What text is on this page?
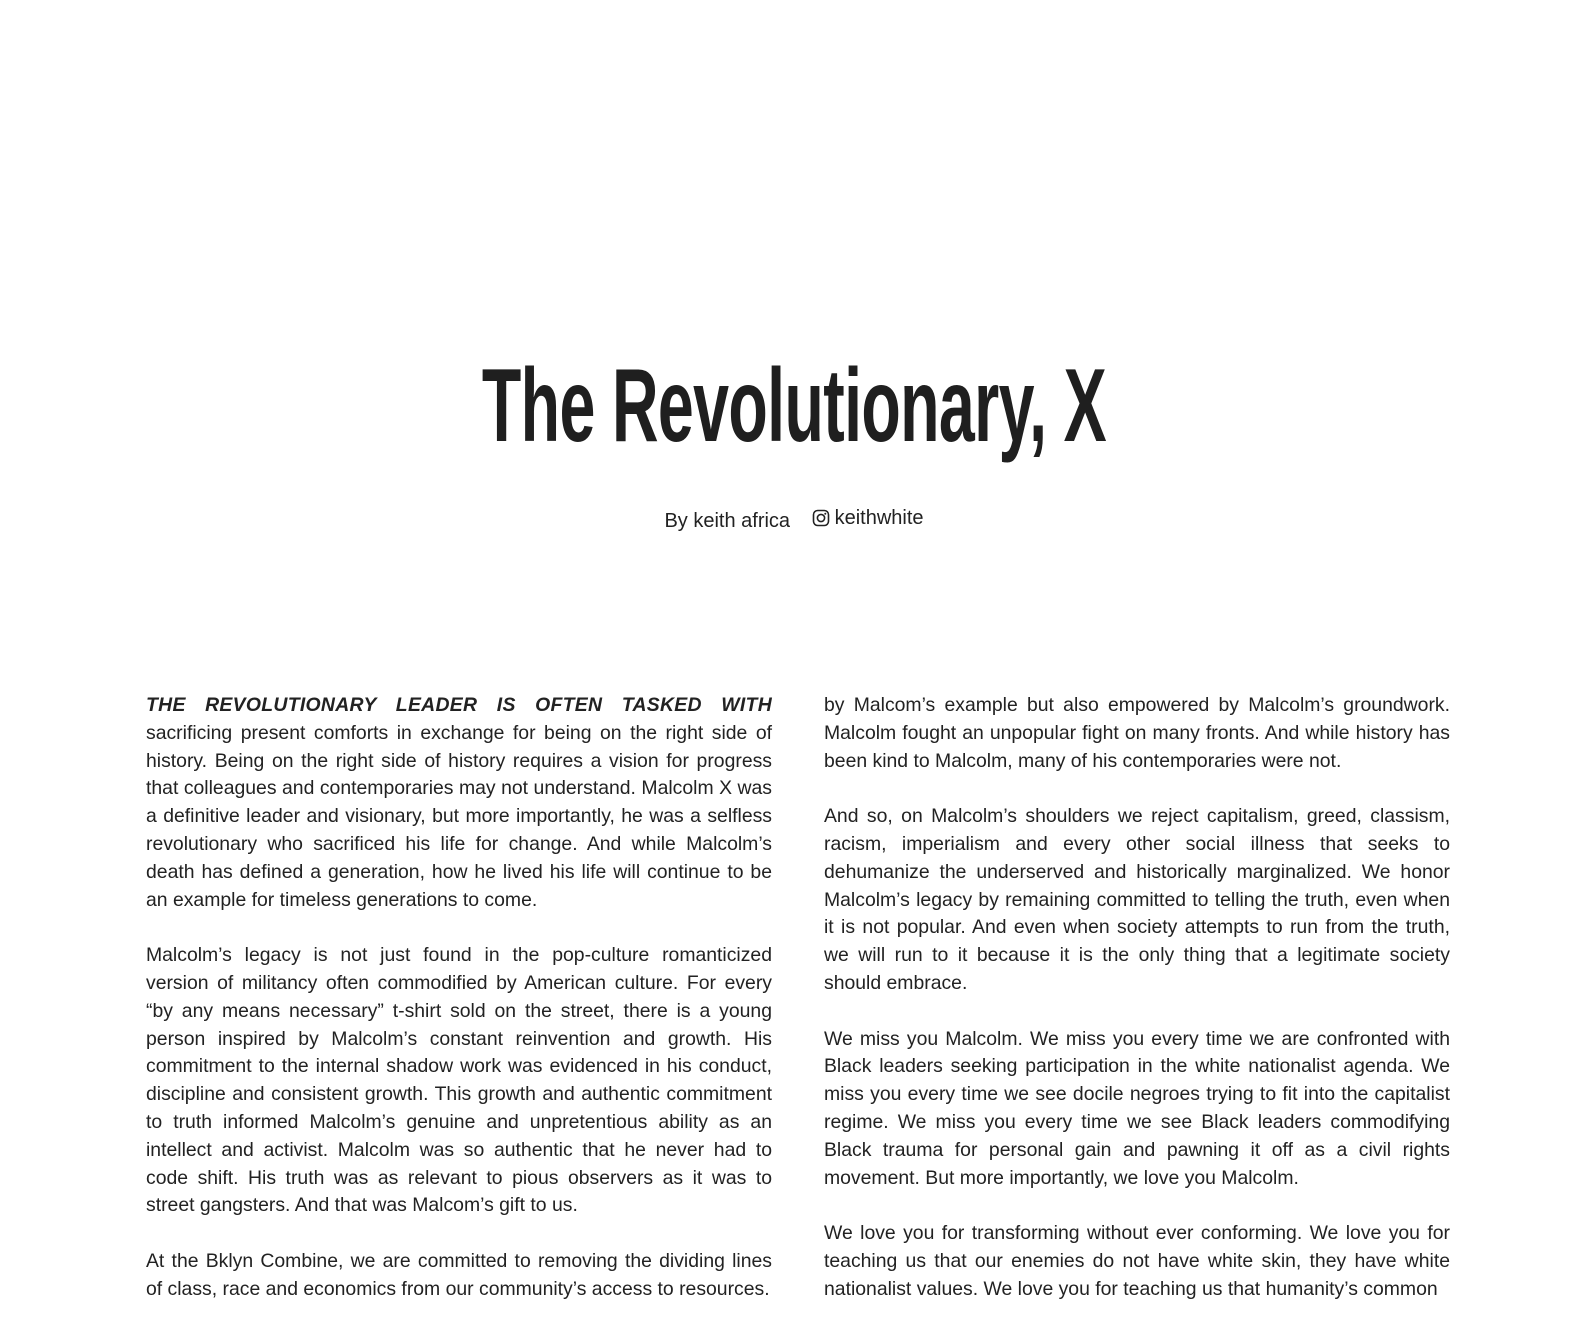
The Revolutionary, X
By keith africa keithwhite

THE REVOLUTIONARY LEADER IS OFTEN TASKED WITH sacrificing present comforts in exchange for being on the right side of history. Being on the right side of history requires a vision for progress that colleagues and contemporaries may not understand. Malcolm X was a definitive leader and visionary, but more importantly, he was a selfless revolutionary who sacrificed his life for change. And while Malcolm’s death has defined a generation, how he lived his life will continue to be an example for timeless generations to come.

Malcolm’s legacy is not just found in the pop-culture romanticized version of militancy often commodified by American culture. For every “by any means necessary” t-shirt sold on the street, there is a young person inspired by Malcolm’s constant reinvention and growth. His commitment to the internal shadow work was evidenced in his conduct, discipline and consistent growth. This growth and authentic commitment to truth informed Malcolm’s genuine and unpretentious ability as an intellect and activist. Malcolm was so authentic that he never had to code shift. His truth was as relevant to pious observers as it was to street gangsters. And that was Malcom’s gift to us.

At the Bklyn Combine, we are committed to removing the dividing lines of class, race and economics from our community’s access to resources.

by Malcom’s example but also empowered by Malcolm’s groundwork. Malcolm fought an unpopular fight on many fronts. And while history has been kind to Malcolm, many of his contemporaries were not.

And so, on Malcolm’s shoulders we reject capitalism, greed, classism, racism, imperialism and every other social illness that seeks to dehumanize the underserved and historically marginalized. We honor Malcolm’s legacy by remaining committed to telling the truth, even when it is not popular. And even when society attempts to run from the truth, we will run to it because it is the only thing that a legitimate society should embrace.

We miss you Malcolm. We miss you every time we are confronted with Black leaders seeking participation in the white nationalist agenda. We miss you every time we see docile negroes trying to fit into the capitalist regime. We miss you every time we see Black leaders commodifying Black trauma for personal gain and pawning it off as a civil rights movement. But more importantly, we love you Malcolm.

We love you for transforming without ever conforming. We love you for teaching us that our enemies do not have white skin, they have white nationalist values. We love you for teaching us that humanity’s common
